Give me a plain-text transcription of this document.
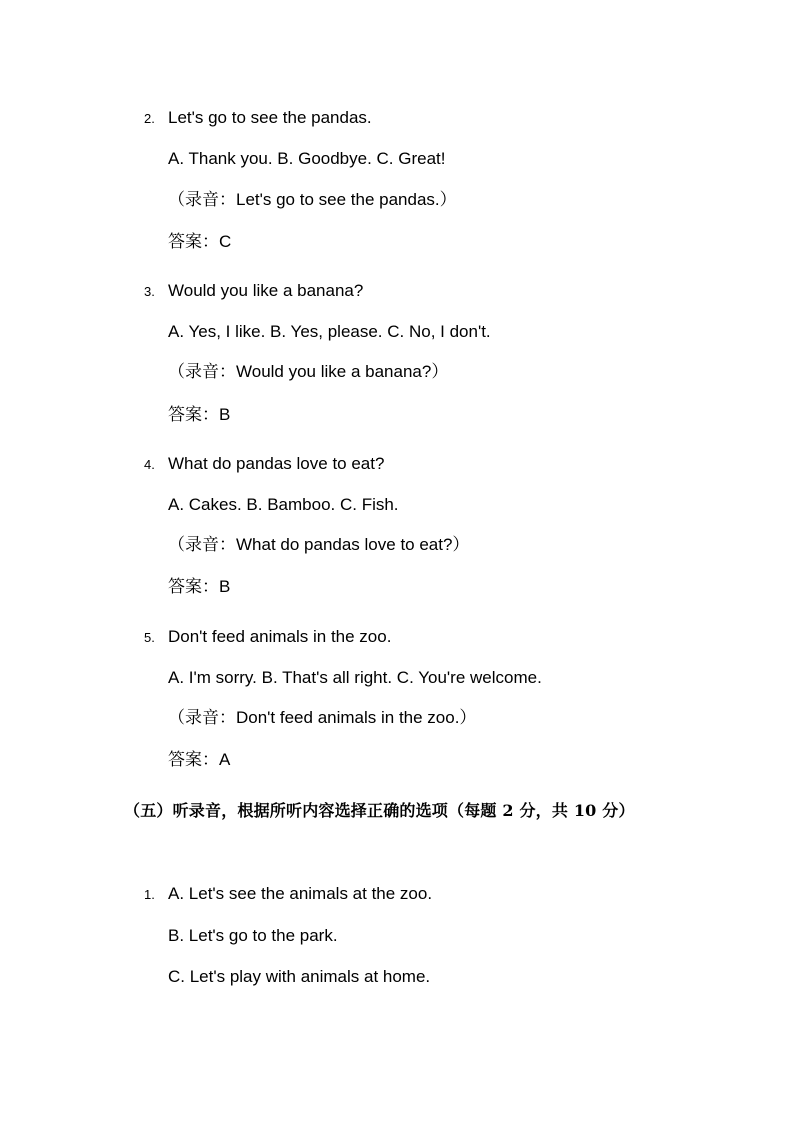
2. Let's go to see the pandas.
A. Thank you. B. Goodbye. C. Great!
（录音：Let's go to see the pandas.）
答案：C
3. Would you like a banana?
A. Yes, I like. B. Yes, please. C. No, I don't.
（录音：Would you like a banana?）
答案：B
4. What do pandas love to eat?
A. Cakes. B. Bamboo. C. Fish.
（录音：What do pandas love to eat?）
答案：B
5. Don't feed animals in the zoo.
A. I'm sorry. B. That's all right. C. You're welcome.
（录音：Don't feed animals in the zoo.）
答案：A
（五）听录音，根据所听内容选择正确的选项（每题 2 分，共 10 分）
1. A. Let's see the animals at the zoo.
B. Let's go to the park.
C. Let's play with animals at home.
